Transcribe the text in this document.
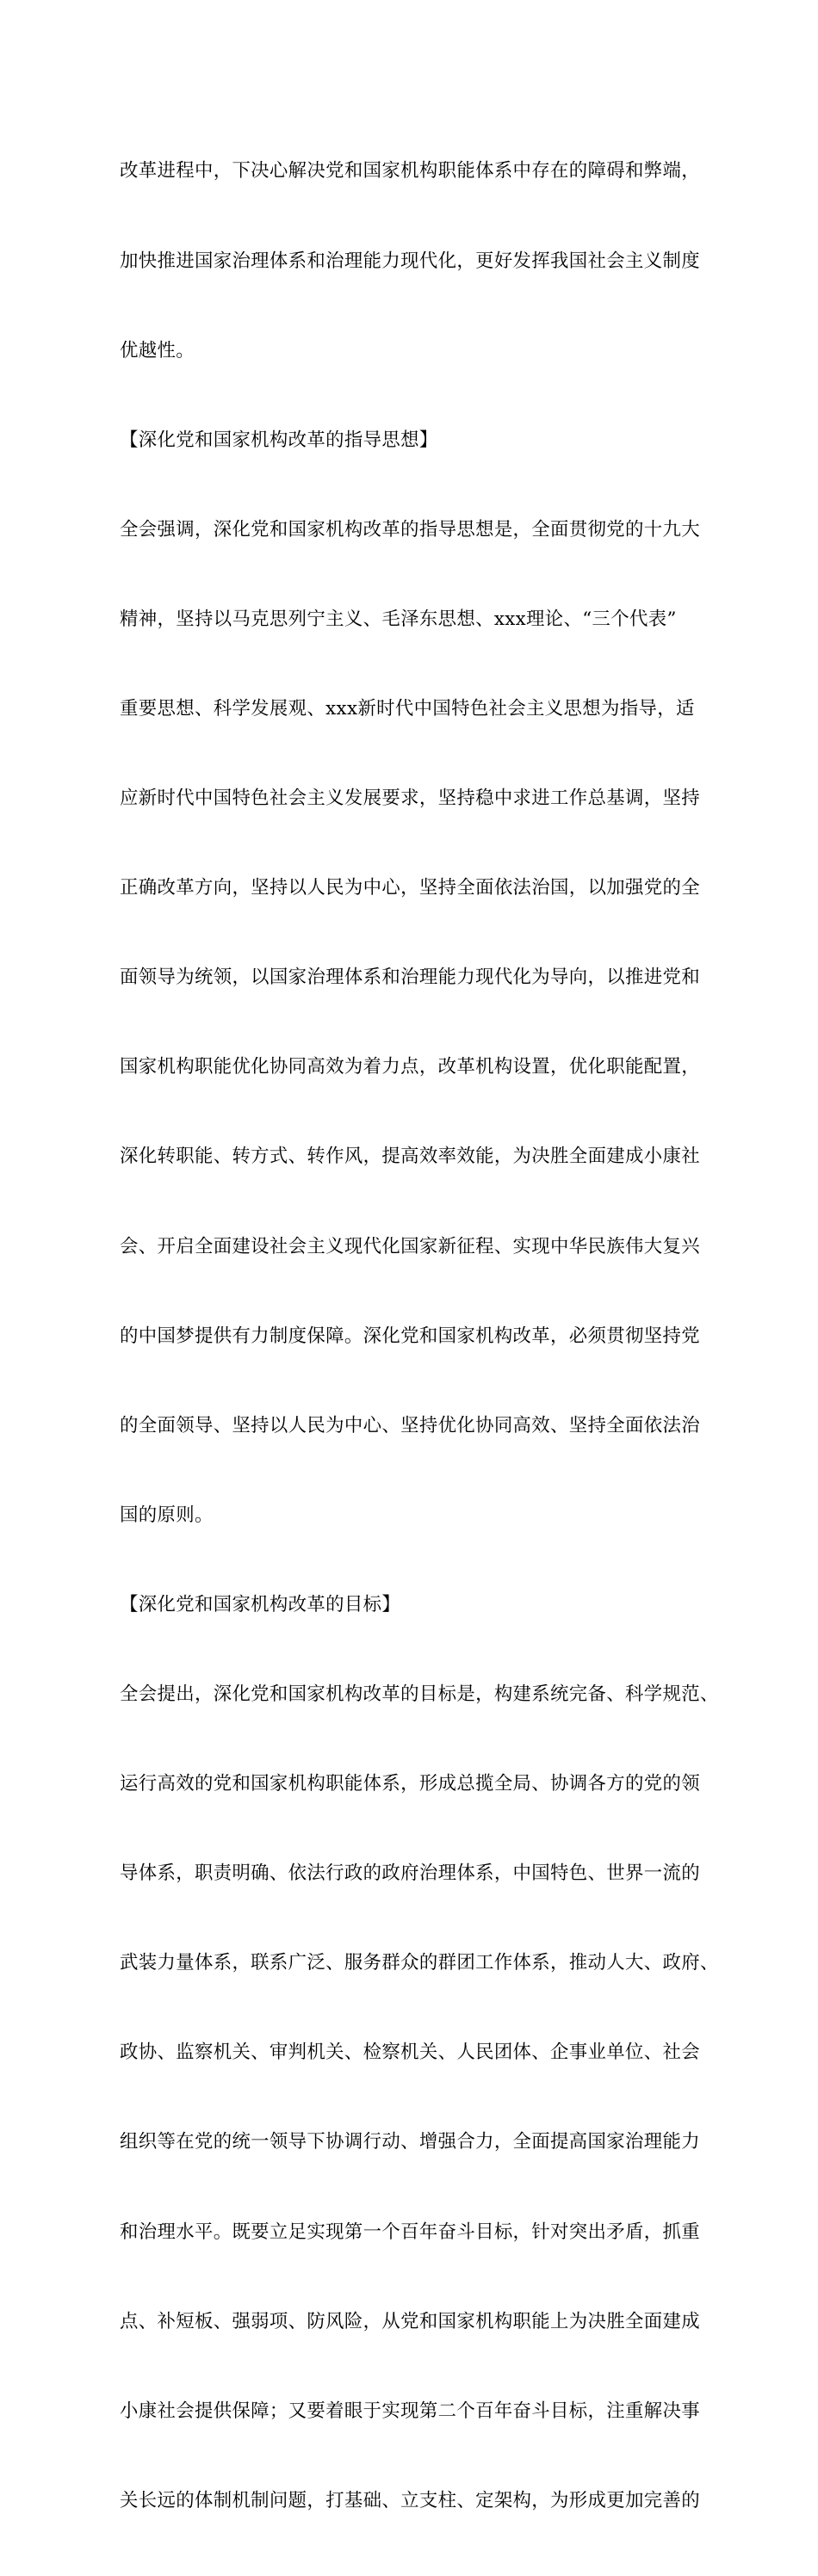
改革进程中，下决心解决党和国家机构职能体系中存在的障碍和弊端，

加快推进国家治理体系和治理能力现代化，更好发挥我国社会主义制度

优越性。

【深化党和国家机构改革的指导思想】

全会强调，深化党和国家机构改革的指导思想是，全面贯彻党的十九大

精神，坚持以马克思列宁主义、毛泽东思想、xxx理论、“三个代表”

重要思想、科学发展观、xxx新时代中国特色社会主义思想为指导，适

应新时代中国特色社会主义发展要求，坚持稳中求进工作总基调，坚持

正确改革方向，坚持以人民为中心，坚持全面依法治国，以加强党的全

面领导为统领，以国家治理体系和治理能力现代化为导向，以推进党和

国家机构职能优化协同高效为着力点，改革机构设置，优化职能配置，

深化转职能、转方式、转作风，提高效率效能，为决胜全面建成小康社

会、开启全面建设社会主义现代化国家新征程、实现中华民族伟大复兴

的中国梦提供有力制度保障。深化党和国家机构改革，必须贯彻坚持党

的全面领导、坚持以人民为中心、坚持优化协同高效、坚持全面依法治

国的原则。

【深化党和国家机构改革的目标】

全会提出，深化党和国家机构改革的目标是，构建系统完备、科学规范、

运行高效的党和国家机构职能体系，形成总揽全局、协调各方的党的领

导体系，职责明确、依法行政的政府治理体系，中国特色、世界一流的

武装力量体系，联系广泛、服务群众的群团工作体系，推动人大、政府、

政协、监察机关、审判机关、检察机关、人民团体、企事业单位、社会

组织等在党的统一领导下协调行动、增强合力，全面提高国家治理能力

和治理水平。既要立足实现第一个百年奋斗目标，针对突出矛盾，抓重

点、补短板、强弱项、防风险，从党和国家机构职能上为决胜全面建成

小康社会提供保障；又要着眼于实现第二个百年奋斗目标，注重解决事

关长远的体制机制问题，打基础、立支柱、定架构，为形成更加完善的
